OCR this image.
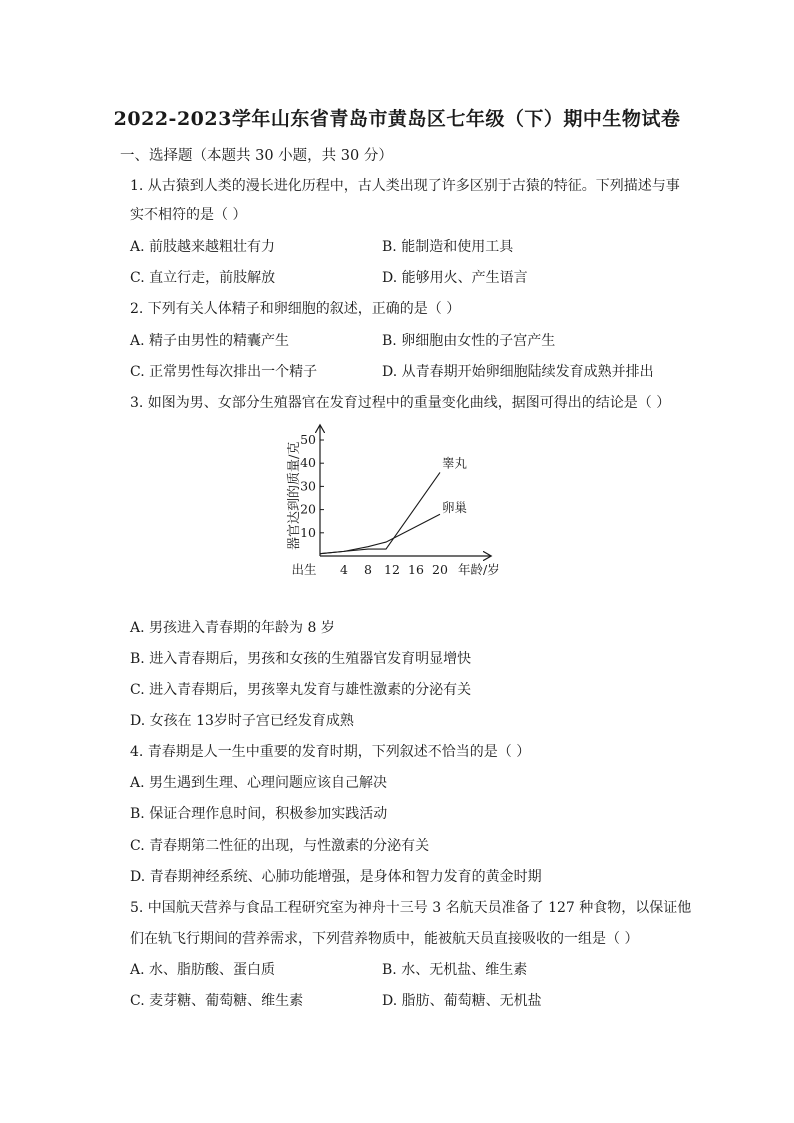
2022-2023学年山东省青岛市黄岛区七年级（下）期中生物试卷
一、选择题（本题共 30 小题，共 30 分）
1. 从古猿到人类的漫长进化历程中，古人类出现了许多区别于古猿的特征。下列描述与事
实不相符的是（ ）
A. 前肢越来越粗壮有力	B. 能制造和使用工具
C. 直立行走，前肢解放	D. 能够用火、产生语言
2. 下列有关人体精子和卵细胞的叙述，正确的是（ ）
A. 精子由男性的精囊产生	B. 卵细胞由女性的子宫产生
C. 正常男性每次排出一个精子	D. 从青春期开始卵细胞陆续发育成熟并排出
3. 如图为男、女部分生殖器官在发育过程中的重量变化曲线，据图可得出的结论是（ ）
器官达到的质量/克
年龄/岁
出生 4 8 12 16 20
10
20
30
40
50
睾丸
卵巢
A. 男孩进入青春期的年龄为 8 岁
B. 进入青春期后，男孩和女孩的生殖器官发育明显增快
C. 进入青春期后，男孩睾丸发育与雄性激素的分泌有关
D. 女孩在 13岁时子宫已经发育成熟
4. 青春期是人一生中重要的发育时期，下列叙述不恰当的是（ ）
A. 男生遇到生理、心理问题应该自己解决
B. 保证合理作息时间，积极参加实践活动
C. 青春期第二性征的出现，与性激素的分泌有关
D. 青春期神经系统、心肺功能增强，是身体和智力发育的黄金时期
5. 中国航天营养与食品工程研究室为神舟十三号 3 名航天员准备了 127 种食物，以保证他
们在轨飞行期间的营养需求，下列营养物质中，能被航天员直接吸收的一组是（ ）
A. 水、脂肪酸、蛋白质	B. 水、无机盐、维生素
C. 麦芽糖、葡萄糖、维生素	D. 脂肪、葡萄糖、无机盐
